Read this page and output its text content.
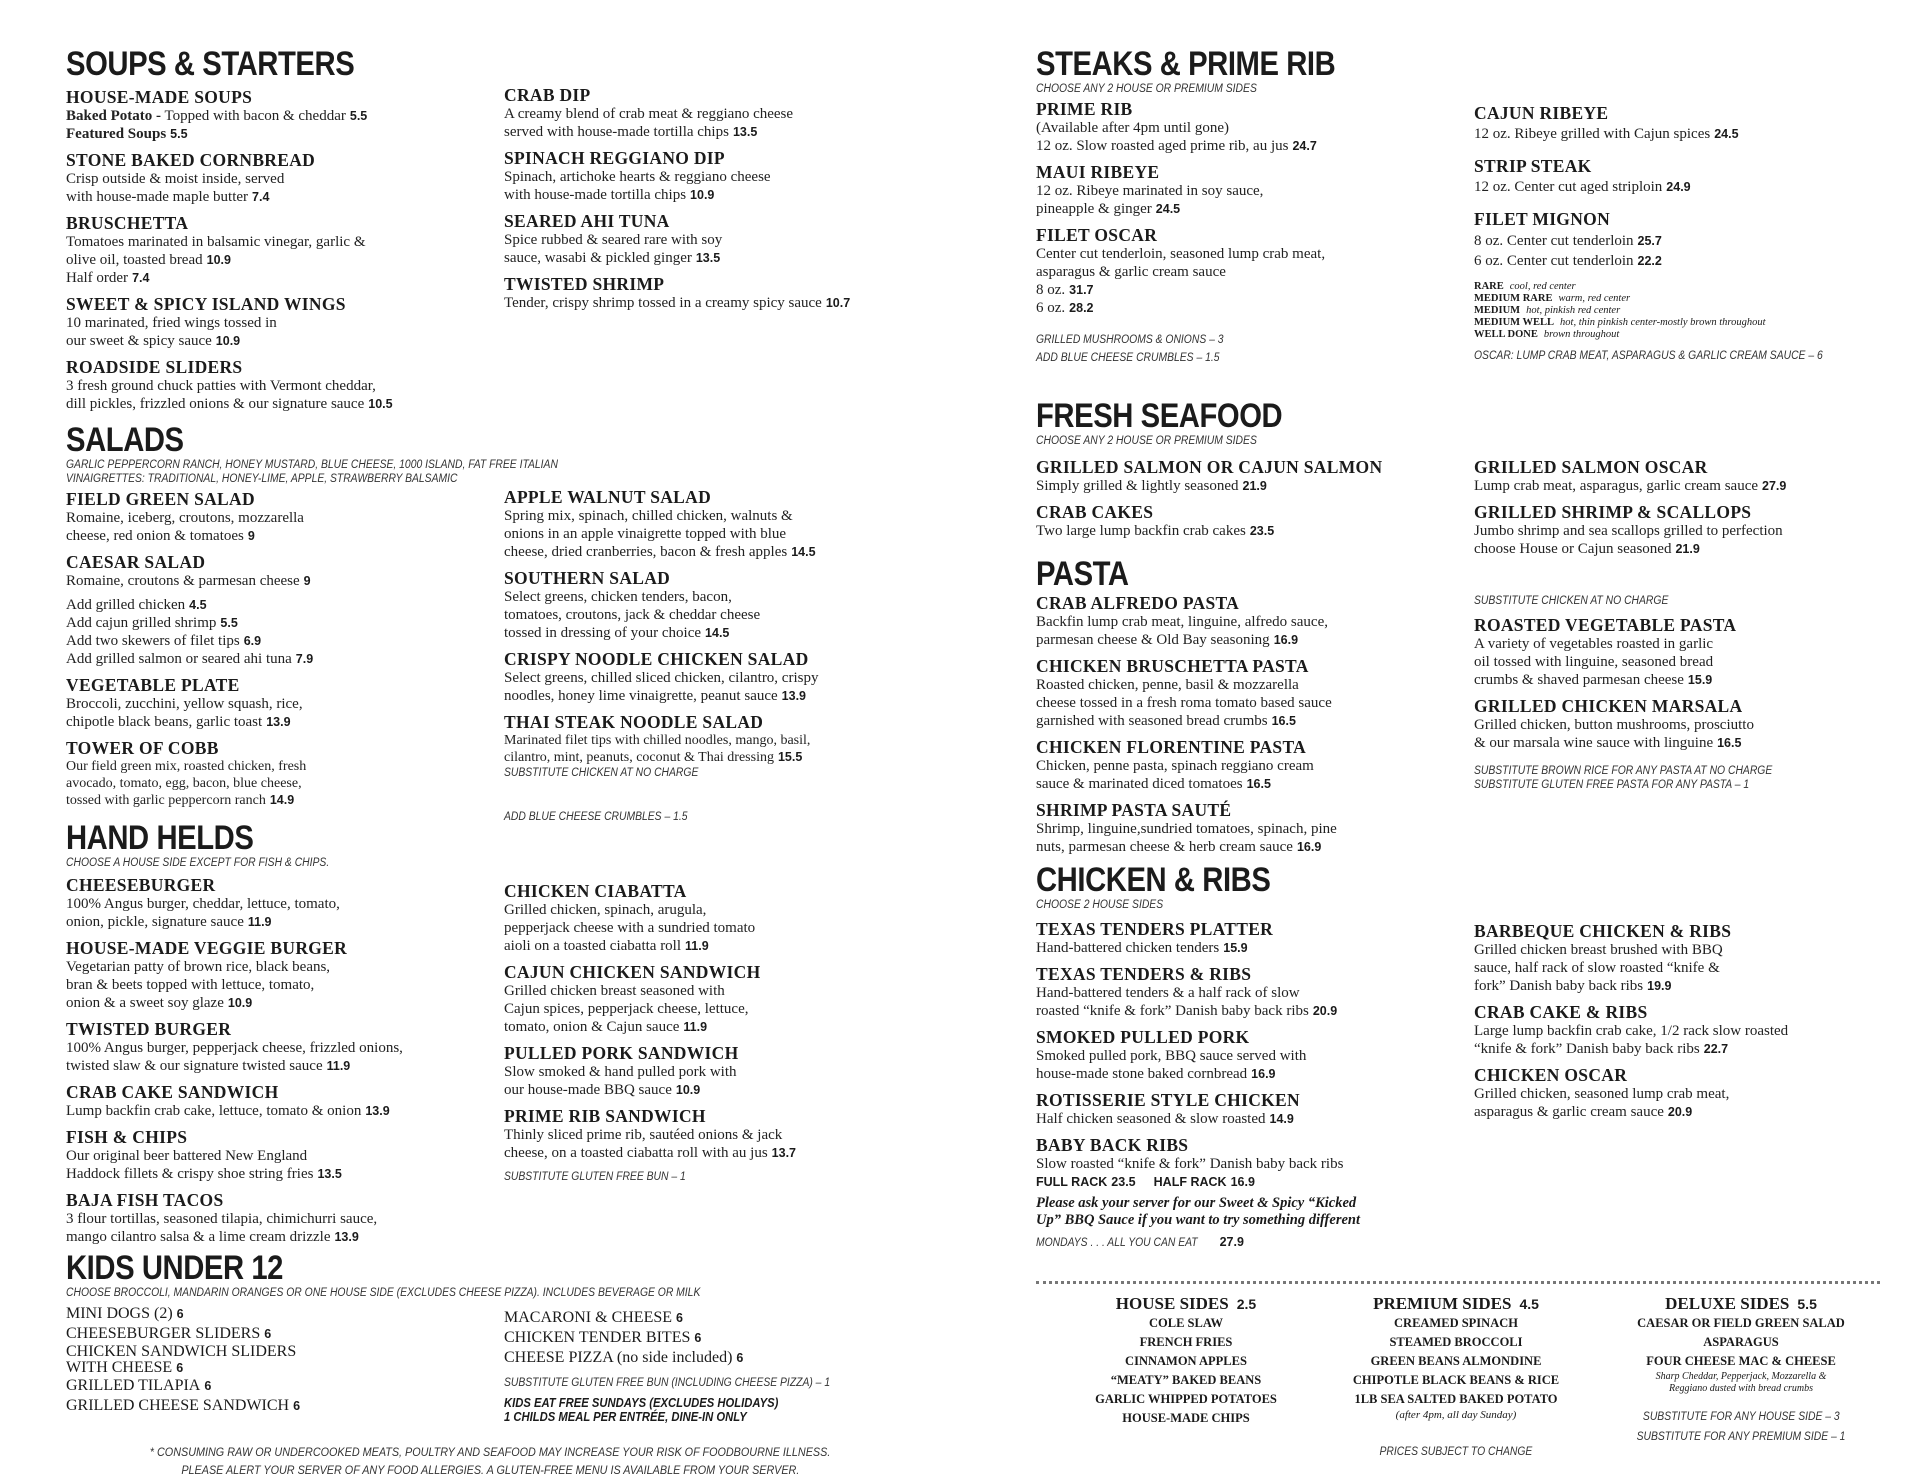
SOUPS & STARTERS
HOUSE-MADE SOUPS
Baked Potato - Topped with bacon & cheddar 5.5
Featured Soups 5.5
STONE BAKED CORNBREAD
Crisp outside & moist inside, served
with house-made maple butter 7.4
BRUSCHETTA
Tomatoes marinated in balsamic vinegar, garlic &
olive oil, toasted bread 10.9
Half order 7.4
SWEET & SPICY ISLAND WINGS
10 marinated, fried wings tossed in
our sweet & spicy sauce 10.9
ROADSIDE SLIDERS
3 fresh ground chuck patties with Vermont cheddar,
dill pickles, frizzled onions & our signature sauce 10.5
CRAB DIP
A creamy blend of crab meat & reggiano cheese
served with house-made tortilla chips 13.5
SPINACH REGGIANO DIP
Spinach, artichoke hearts & reggiano cheese
with house-made tortilla chips 10.9
SEARED AHI TUNA
Spice rubbed & seared rare with soy
sauce, wasabi & pickled ginger 13.5
TWISTED SHRIMP
Tender, crispy shrimp tossed in a creamy spicy sauce 10.7
SALADS
GARLIC PEPPERCORN RANCH, HONEY MUSTARD, BLUE CHEESE, 1000 ISLAND, FAT FREE ITALIAN
VINAIGRETTES: TRADITIONAL, HONEY-LIME, APPLE, STRAWBERRY BALSAMIC
FIELD GREEN SALAD
Romaine, iceberg, croutons, mozzarella
cheese, red onion & tomatoes 9
CAESAR SALAD
Romaine, croutons & parmesan cheese 9
Add grilled chicken 4.5
Add cajun grilled shrimp 5.5
Add two skewers of filet tips 6.9
Add grilled salmon or seared ahi tuna 7.9
VEGETABLE PLATE
Broccoli, zucchini, yellow squash, rice,
chipotle black beans, garlic toast 13.9
TOWER OF COBB
Our field green mix, roasted chicken, fresh
avocado, tomato, egg, bacon, blue cheese,
tossed with garlic peppercorn ranch 14.9
APPLE WALNUT SALAD
Spring mix, spinach, chilled chicken, walnuts &
onions in an apple vinaigrette topped with blue
cheese, dried cranberries, bacon & fresh apples 14.5
SOUTHERN SALAD
Select greens, chicken tenders, bacon,
tomatoes, croutons, jack & cheddar cheese
tossed in dressing of your choice 14.5
CRISPY NOODLE CHICKEN SALAD
Select greens, chilled sliced chicken, cilantro, crispy
noodles, honey lime vinaigrette, peanut sauce 13.9
THAI STEAK NOODLE SALAD
Marinated filet tips with chilled noodles, mango, basil,
cilantro, mint, peanuts, coconut & Thai dressing 15.5
SUBSTITUTE CHICKEN AT NO CHARGE
ADD BLUE CHEESE CRUMBLES – 1.5
HAND HELDS
CHOOSE A HOUSE SIDE EXCEPT FOR FISH & CHIPS.
CHEESEBURGER
100% Angus burger, cheddar, lettuce, tomato,
onion, pickle, signature sauce 11.9
HOUSE-MADE VEGGIE BURGER
Vegetarian patty of brown rice, black beans,
bran & beets topped with lettuce, tomato,
onion & a sweet soy glaze 10.9
TWISTED BURGER
100% Angus burger, pepperjack cheese, frizzled onions,
twisted slaw & our signature twisted sauce 11.9
CRAB CAKE SANDWICH
Lump backfin crab cake, lettuce, tomato & onion 13.9
FISH & CHIPS
Our original beer battered New England
Haddock fillets & crispy shoe string fries 13.5
BAJA FISH TACOS
3 flour tortillas, seasoned tilapia, chimichurri sauce,
mango cilantro salsa & a lime cream drizzle 13.9
CHICKEN CIABATTA
Grilled chicken, spinach, arugula,
pepperjack cheese with a sundried tomato
aioli on a toasted ciabatta roll 11.9
CAJUN CHICKEN SANDWICH
Grilled chicken breast seasoned with
Cajun spices, pepperjack cheese, lettuce,
tomato, onion & Cajun sauce 11.9
PULLED PORK SANDWICH
Slow smoked & hand pulled pork with
our house-made BBQ sauce 10.9
PRIME RIB SANDWICH
Thinly sliced prime rib, sautéed onions & jack
cheese, on a toasted ciabatta roll with au jus 13.7
SUBSTITUTE GLUTEN FREE BUN – 1
KIDS UNDER 12
CHOOSE BROCCOLI, MANDARIN ORANGES OR ONE HOUSE SIDE (EXCLUDES CHEESE PIZZA). INCLUDES BEVERAGE OR MILK
MINI DOGS (2) 6
CHEESEBURGER SLIDERS 6
CHICKEN SANDWICH SLIDERS
WITH CHEESE 6
GRILLED TILAPIA 6
GRILLED CHEESE SANDWICH 6
MACARONI & CHEESE 6
CHICKEN TENDER BITES 6
CHEESE PIZZA (no side included) 6
SUBSTITUTE GLUTEN FREE BUN (INCLUDING CHEESE PIZZA) – 1
KIDS EAT FREE SUNDAYS (EXCLUDES HOLIDAYS)
1 CHILDS MEAL PER ENTRÉE, DINE-IN ONLY
* CONSUMING RAW OR UNDERCOOKED MEATS, POULTRY AND SEAFOOD MAY INCREASE YOUR RISK OF FOODBOURNE ILLNESS.
PLEASE ALERT YOUR SERVER OF ANY FOOD ALLERGIES. A GLUTEN-FREE MENU IS AVAILABLE FROM YOUR SERVER.
STEAKS & PRIME RIB
CHOOSE ANY 2 HOUSE OR PREMIUM SIDES
PRIME RIB
(Available after 4pm until gone)
12 oz. Slow roasted aged prime rib, au jus 24.7
MAUI RIBEYE
12 oz. Ribeye marinated in soy sauce,
pineapple & ginger 24.5
FILET OSCAR
Center cut tenderloin, seasoned lump crab meat,
asparagus & garlic cream sauce
8 oz. 31.7
6 oz. 28.2
GRILLED MUSHROOMS & ONIONS – 3
ADD BLUE CHEESE CRUMBLES – 1.5
CAJUN RIBEYE
12 oz. Ribeye grilled with Cajun spices 24.5
STRIP STEAK
12 oz. Center cut aged striploin 24.9
FILET MIGNON
8 oz. Center cut tenderloin 25.7
6 oz. Center cut tenderloin 22.2
RARE cool, red center
MEDIUM RARE warm, red center
MEDIUM hot, pinkish red center
MEDIUM WELL hot, thin pinkish center-mostly brown throughout
WELL DONE brown throughout
OSCAR: LUMP CRAB MEAT, ASPARAGUS & GARLIC CREAM SAUCE – 6
FRESH SEAFOOD
CHOOSE ANY 2 HOUSE OR PREMIUM SIDES
GRILLED SALMON OR CAJUN SALMON
Simply grilled & lightly seasoned 21.9
CRAB CAKES
Two large lump backfin crab cakes 23.5
GRILLED SALMON OSCAR
Lump crab meat, asparagus, garlic cream sauce 27.9
GRILLED SHRIMP & SCALLOPS
Jumbo shrimp and sea scallops grilled to perfection
choose House or Cajun seasoned 21.9
PASTA
CRAB ALFREDO PASTA
Backfin lump crab meat, linguine, alfredo sauce,
parmesan cheese & Old Bay seasoning 16.9
CHICKEN BRUSCHETTA PASTA
Roasted chicken, penne, basil & mozzarella
cheese tossed in a fresh roma tomato based sauce
garnished with seasoned bread crumbs 16.5
CHICKEN FLORENTINE PASTA
Chicken, penne pasta, spinach reggiano cream
sauce & marinated diced tomatoes 16.5
SHRIMP PASTA SAUTÉ
Shrimp, linguine,sundried tomatoes, spinach, pine
nuts, parmesan cheese & herb cream sauce 16.9
SUBSTITUTE CHICKEN AT NO CHARGE
ROASTED VEGETABLE PASTA
A variety of vegetables roasted in garlic
oil tossed with linguine, seasoned bread
crumbs & shaved parmesan cheese 15.9
GRILLED CHICKEN MARSALA
Grilled chicken, button mushrooms, prosciutto
& our marsala wine sauce with linguine 16.5
SUBSTITUTE BROWN RICE FOR ANY PASTA AT NO CHARGE
SUBSTITUTE GLUTEN FREE PASTA FOR ANY PASTA – 1
CHICKEN & RIBS
CHOOSE 2 HOUSE SIDES
TEXAS TENDERS PLATTER
Hand-battered chicken tenders 15.9
TEXAS TENDERS & RIBS
Hand-battered tenders & a half rack of slow
roasted “knife & fork” Danish baby back ribs 20.9
SMOKED PULLED PORK
Smoked pulled pork, BBQ sauce served with
house-made stone baked cornbread 16.9
ROTISSERIE STYLE CHICKEN
Half chicken seasoned & slow roasted 14.9
BABY BACK RIBS
Slow roasted “knife & fork” Danish baby back ribs
FULL RACK 23.5 HALF RACK 16.9
Please ask your server for our Sweet & Spicy “Kicked
Up” BBQ Sauce if you want to try something different
MONDAYS . . . ALL YOU CAN EAT 27.9
BARBEQUE CHICKEN & RIBS
Grilled chicken breast brushed with BBQ
sauce, half rack of slow roasted “knife &
fork” Danish baby back ribs 19.9
CRAB CAKE & RIBS
Large lump backfin crab cake, 1/2 rack slow roasted
“knife & fork” Danish baby back ribs 22.7
CHICKEN OSCAR
Grilled chicken, seasoned lump crab meat,
asparagus & garlic cream sauce 20.9
HOUSE SIDES 2.5
COLE SLAW
FRENCH FRIES
CINNAMON APPLES
“MEATY” BAKED BEANS
GARLIC WHIPPED POTATOES
HOUSE-MADE CHIPS
PREMIUM SIDES 4.5
CREAMED SPINACH
STEAMED BROCCOLI
GREEN BEANS ALMONDINE
CHIPOTLE BLACK BEANS & RICE
1LB SEA SALTED BAKED POTATO
(after 4pm, all day Sunday)
PRICES SUBJECT TO CHANGE
DELUXE SIDES 5.5
CAESAR OR FIELD GREEN SALAD
ASPARAGUS
FOUR CHEESE MAC & CHEESE
Sharp Cheddar, Pepperjack, Mozzarella &
Reggiano dusted with bread crumbs
SUBSTITUTE FOR ANY HOUSE SIDE – 3
SUBSTITUTE FOR ANY PREMIUM SIDE – 1
